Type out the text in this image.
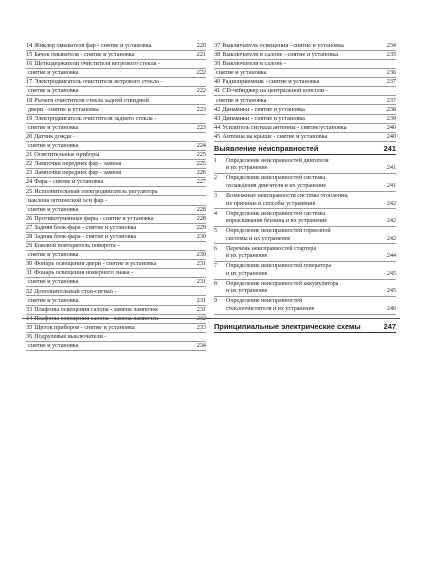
14 Жиклер омывателя фар - снятие и установка	220
15 Бачок омывателя - снятие и установка	221
16 Щеткодержатели очистителя ветрового стекла -
снятие и установка	222
17 Электродвигатель очистителя ветрового стекла -
снятие и установка	222
18 Рычаги очистителя стекла задней откидной
двери - снятие и установка	223
19 Электродвигатель очистителя заднего стекла -
снятие и установка	223
20 Датчик дождя -
снятие и установка	224
21 Осветительные приборы	225
22 Лампочки передних фар - замена	225
23 Лампочки передних фар - замена	226
24 Фара - снятие и установка	227
25 Исполнительный электродвигатель регулятора
наклона оптической оси фар -
снятие и установка	228
26 Противотуманные фары - снятие и установка	228
27 Задняя блок-фара - снятие и установка	229
28 Задняя блок-фара - снятие и установка	230
29 Боковой повторитель поворота -
снятие и установка	230
30 Фонарь освещения двери - снятие и установка	231
31 Фонарь освещения номерного знака -
снятие и установка	231
32 Дополнительный стоп-сигнал -
снятие и установка	231
33 Плафоны освещения салона - замена лампочек	231
34 Плафоны освещения салона - замена лампочек	232
35 Щиток приборов - снятие и установка	233
36 Подрулевые выключатели -
снятие и установка	234
37 Выключатель освещения - снятие и установка	234
38 Выключатели в салоне - снятие и установка	235
39 Выключатели в салоне -
снятие и установка	236
40 Радиоприемник - снятие и установка	237
41 CD-чейнджер на центральной консоли -
снятие и установка	237
42 Динамики - снятие и установка	238
43 Динамики - снятие и установка	239
44 Усилитель сигнала антенны - снятие/установка	240
45 Антенна на крыше - снятие и установка	240
Выявление неисправностей	241
1	Определение неисправностей двигателя
и их устранение	241
2	Определение неисправностей системы
охлаждения двигателя и их устранение	241
3	Возможные неисправности системы отопления,
их причины и способы устранения	242
4	Определение неисправностей системы
впрыскивания бензина и их устранение	242
5	Определение неисправностей тормозной
системы и их устранение	242
6	Перечень неисправностей стартера
и их устранение	244
7	Определение неисправностей генератора
и их устранение	245
8	Определение неисправностей аккумулятора
и их устранение	245
9	Определение неисправностей
стеклоочистителя и их устранение	246
Принципиальные электрические схемы	247
